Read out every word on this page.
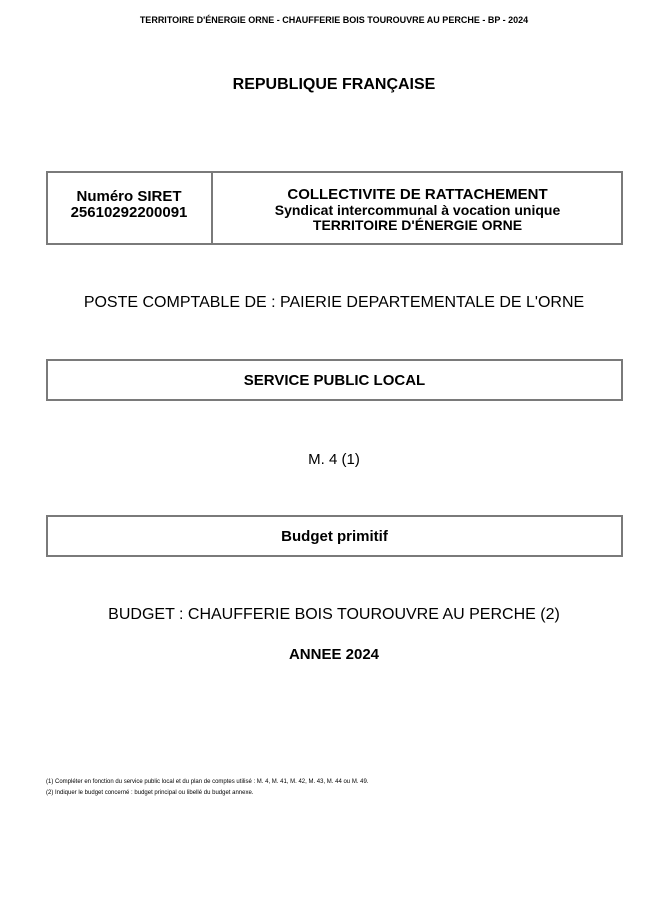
TERRITOIRE D'ÉNERGIE ORNE - CHAUFFERIE BOIS TOUROUVRE AU PERCHE - BP - 2024
REPUBLIQUE FRANÇAISE
Numéro SIRET
25610292200091
COLLECTIVITE DE RATTACHEMENT
Syndicat intercommunal à vocation unique
TERRITOIRE D'ÉNERGIE ORNE
POSTE COMPTABLE DE : PAIERIE DEPARTEMENTALE DE L'ORNE
SERVICE PUBLIC LOCAL
M. 4 (1)
Budget primitif
BUDGET : CHAUFFERIE BOIS TOUROUVRE AU PERCHE (2)
ANNEE 2024
(1) Compléter en fonction du service public local et du plan de comptes utilisé : M. 4, M. 41, M. 42, M. 43, M. 44 ou M. 49.
(2) Indiquer le budget concerné : budget principal ou libellé du budget annexe.
